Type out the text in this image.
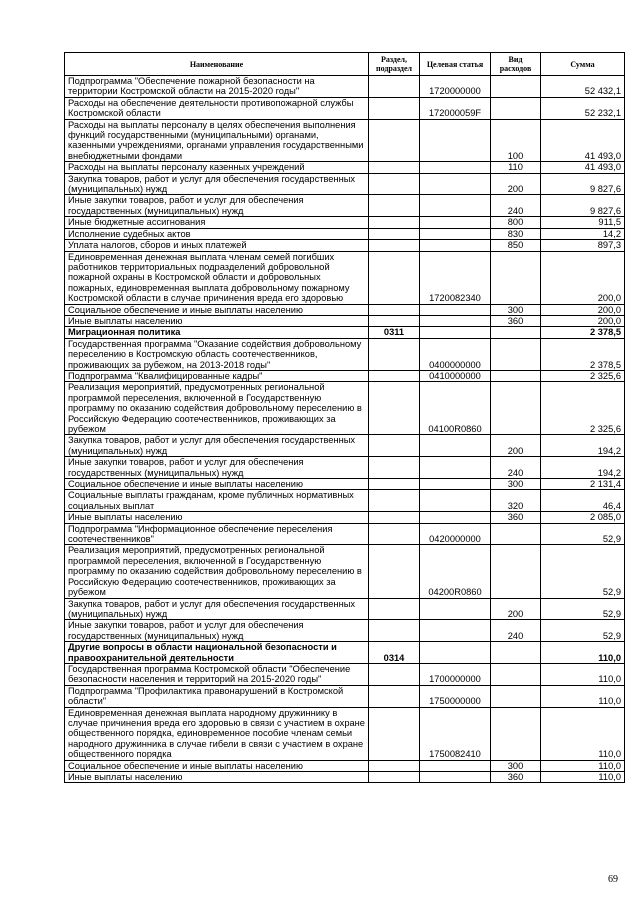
Наименование	Раздел, подраздел	Целевая статья	Вид расходов	Сумма
Подпрограмма "Обеспечение пожарной безопасности на территории Костромской области на 2015-2020 годы"		1720000000		52 432,1
Расходы на обеспечение деятельности противопожарной службы Костромской области		172000059F		52 232,1
Расходы на выплаты персоналу в целях обеспечения выполнения функций государственными (муниципальными) органами, казенными учреждениями, органами управления государственными внебюджетными фондами			100	41 493,0
Расходы на выплаты персоналу казенных учреждений			110	41 493,0
Закупка товаров, работ и услуг для обеспечения государственных (муниципальных) нужд			200	9 827,6
Иные закупки товаров, работ и услуг для обеспечения государственных (муниципальных) нужд			240	9 827,6
Иные бюджетные ассигнования			800	911,5
Исполнение судебных актов			830	14,2
Уплата налогов, сборов и иных платежей			850	897,3
Единовременная денежная выплата членам семей погибших работников территориальных подразделений добровольной пожарной охраны в Костромской области и добровольных пожарных, единовременная выплата добровольному пожарному Костромской области в случае причинения вреда его здоровью		1720082340		200,0
Социальное обеспечение и иные выплаты населению			300	200,0
Иные выплаты населению			360	200,0
Миграционная политика	0311			2 378,5
Государственная программа "Оказание содействия добровольному переселению в Костромскую область соотечественников, проживающих за рубежом, на 2013-2018 годы"		0400000000		2 378,5
Подпрограмма "Квалифицированные кадры"		0410000000		2 325,6
Реализация мероприятий, предусмотренных региональной программой переселения, включенной в Государственную программу по оказанию содействия добровольному переселению в Российскую Федерацию соотечественников, проживающих за рубежом		04100R0860		2 325,6
Закупка товаров, работ и услуг для обеспечения государственных (муниципальных) нужд			200	194,2
Иные закупки товаров, работ и услуг для обеспечения государственных (муниципальных) нужд			240	194,2
Социальное обеспечение и иные выплаты населению			300	2 131,4
Социальные выплаты гражданам, кроме публичных нормативных социальных выплат			320	46,4
Иные выплаты населению			360	2 085,0
Подпрограмма "Информационное обеспечение переселения соотечественников"		0420000000		52,9
Реализация мероприятий, предусмотренных региональной программой переселения, включенной в Государственную программу по оказанию содействия добровольному переселению в Российскую Федерацию соотечественников, проживающих за рубежом		04200R0860		52,9
Закупка товаров, работ и услуг для обеспечения государственных (муниципальных) нужд			200	52,9
Иные закупки товаров, работ и услуг для обеспечения государственных (муниципальных) нужд			240	52,9
Другие вопросы в области национальной безопасности и правоохранительной деятельности	0314			110,0
Государственная программа Костромской области "Обеспечение безопасности населения и территорий на 2015-2020 годы"		1700000000		110,0
Подпрограмма "Профилактика правонарушений в Костромской области"		1750000000		110,0
Единовременная денежная выплата народному дружиннику в случае причинения вреда его здоровью в связи с участием в охране общественного порядка, единовременное пособие членам семьи народного дружинника в случае гибели в связи с участием в охране общественного порядка		1750082410		110,0
Социальное обеспечение и иные выплаты населению			300	110,0
Иные выплаты населению			360	110,0
69
